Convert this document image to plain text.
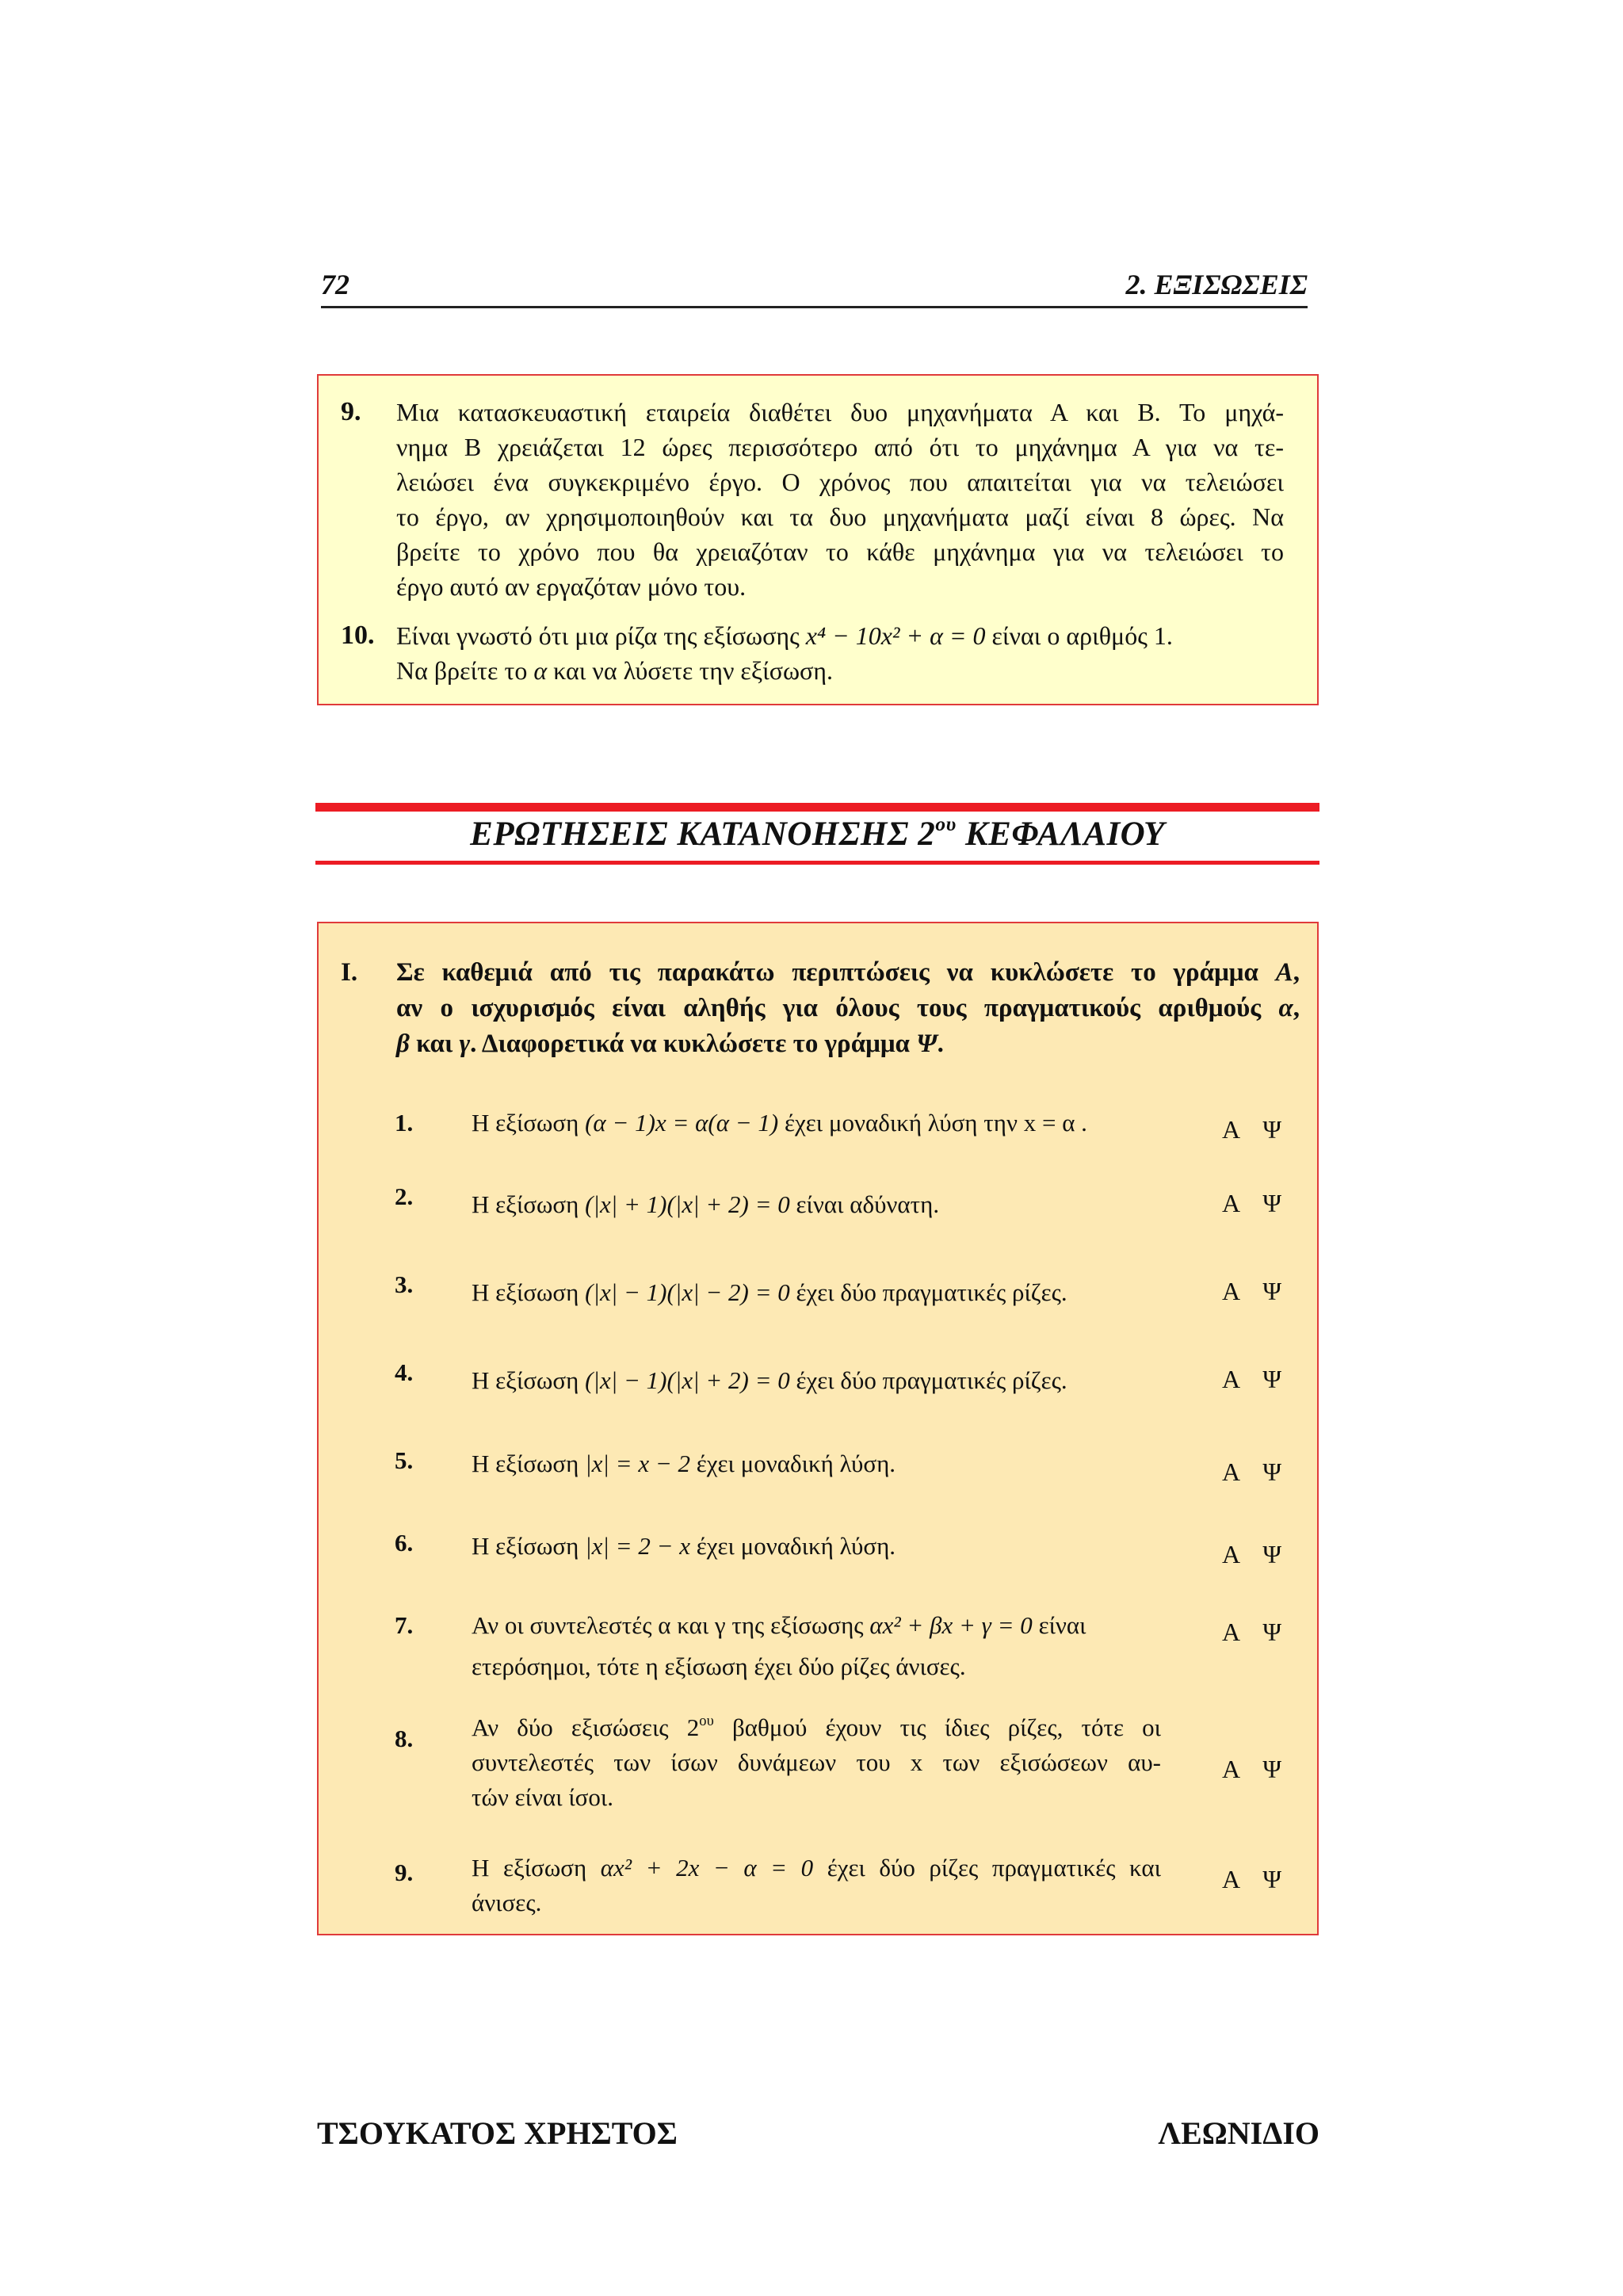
72	2. ΕΞΙΣΩΣΕΙΣ
9. Μια κατασκευαστική εταιρεία διαθέτει δυο μηχανήματα Α και Β. Το μηχά-
νημα Β χρειάζεται 12 ώρες περισσότερο από ότι το μηχάνημα Α για να τε-
λειώσει ένα συγκεκριμένο έργο. Ο χρόνος που απαιτείται για να τελειώσει
το έργο, αν χρησιμοποιηθούν και τα δυο μηχανήματα μαζί είναι 8 ώρες. Να
βρείτε το χρόνο που θα χρειαζόταν το κάθε μηχάνημα για να τελειώσει το
έργο αυτό αν εργαζόταν μόνο του.
10. Είναι γνωστό ότι μια ρίζα της εξίσωσης x⁴ − 10x² + α = 0 είναι ο αριθμός 1.
Να βρείτε το α και να λύσετε την εξίσωση.
ΕΡΩΤΗΣΕΙΣ ΚΑΤΑΝΟΗΣΗΣ $2^{o\upsilon}$ ΚΕΦΑΛΑΙΟΥ
Ι. Σε καθεμιά από τις παρακάτω περιπτώσεις να κυκλώσετε το γράμμα Α,
αν ο ισχυρισμός είναι αληθής για όλους τους πραγματικούς αριθμούς α,
β και γ. Διαφορετικά να κυκλώσετε το γράμμα Ψ.
1. Η εξίσωση (α − 1)x = α(α − 1) έχει μοναδική λύση την x = α .	Α Ψ
2. Η εξίσωση (|x| + 1)(|x| + 2) = 0 είναι αδύνατη.	Α Ψ
3. Η εξίσωση (|x| − 1)(|x| − 2) = 0 έχει δύο πραγματικές ρίζες.	Α Ψ
4. Η εξίσωση (|x| − 1)(|x| + 2) = 0 έχει δύο πραγματικές ρίζες.	Α Ψ
5. Η εξίσωση |x| = x − 2 έχει μοναδική λύση.	Α Ψ
6. Η εξίσωση |x| = 2 − x έχει μοναδική λύση.	Α Ψ
7. Αν οι συντελεστές α και γ της εξίσωσης αx² + βx + γ = 0 είναι
ετερόσημοι, τότε η εξίσωση έχει δύο ρίζες άνισες.
Α Ψ
8. Αν δύο εξισώσεις $2^{o\upsilon}$ βαθμού έχουν τις ίδιες ρίζες, τότε οι
συντελεστές των ίσων δυνάμεων του x των εξισώσεων αυ-
τών είναι ίσοι.
Α Ψ
9. Η εξίσωση αx² + 2x − α = 0 έχει δύο ρίζες πραγματικές και
άνισες.
Α Ψ
ΤΣΟΥΚΑΤΟΣ ΧΡΗΣΤΟΣ	ΛΕΩΝΙΔΙΟ
